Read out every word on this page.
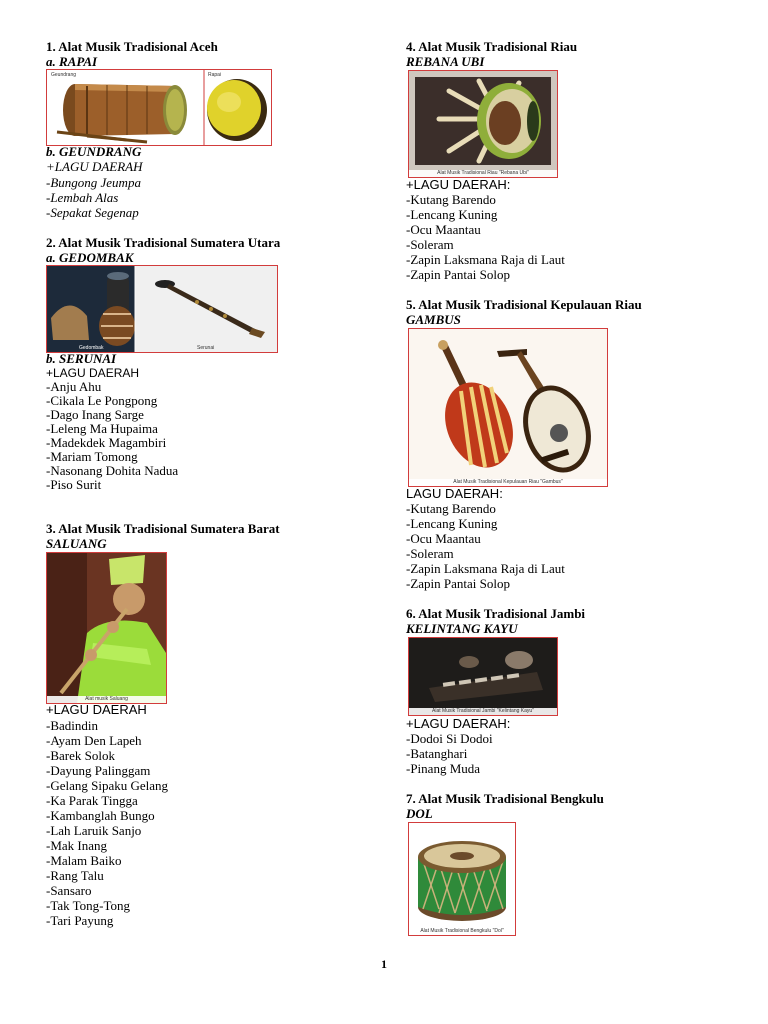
1. Alat Musik Tradisional Aceh
a. RAPAI
Geundrang	Rapai
b. GEUNDRANG
+LAGU DAERAH
-Bungong Jeumpa
-Lembah Alas
-Sepakat Segenap
2. Alat Musik Tradisional Sumatera Utara
a. GEDOMBAK
Gedombak	Serunai
b. SERUNAI
+LAGU DAERAH
-Anju Ahu
-Cikala Le Pongpong
-Dago Inang Sarge
-Leleng Ma Hupaima
-Madekdek Magambiri
-Mariam Tomong
-Nasonang Dohita Nadua
-Piso Surit
3. Alat Musik Tradisional Sumatera Barat
SALUANG
Alat musik Saluang
+LAGU DAERAH
-Badindin
-Ayam Den Lapeh
-Barek Solok
-Dayung Palinggam
-Gelang Sipaku Gelang
-Ka Parak Tingga
-Kambanglah Bungo
-Lah Laruik Sanjo
-Mak Inang
-Malam Baiko
-Rang Talu
-Sansaro
-Tak Tong-Tong
-Tari Payung
4. Alat Musik Tradisional Riau
REBANA UBI
Alat Musik Tradisional Riau "Rebana Ubi"
+LAGU DAERAH:
-Kutang Barendo
-Lencang Kuning
-Ocu Maantau
-Soleram
-Zapin Laksmana Raja di Laut
-Zapin Pantai Solop
5. Alat Musik Tradisional Kepulauan Riau
GAMBUS
Alat Musik Tradisional Kepulauan Riau "Gambus"
LAGU DAERAH:
-Kutang Barendo
-Lencang Kuning
-Ocu Maantau
-Soleram
-Zapin Laksmana Raja di Laut
-Zapin Pantai Solop
6. Alat Musik Tradisional Jambi
KELINTANG KAYU
Alat Musik Tradisional Jambi "Kelintang Kayu"
+LAGU DAERAH:
-Dodoi Si Dodoi
-Batanghari
-Pinang Muda
7. Alat Musik Tradisional Bengkulu
DOL
Alat Musik Tradisional Bengkulu "Dol"
1
